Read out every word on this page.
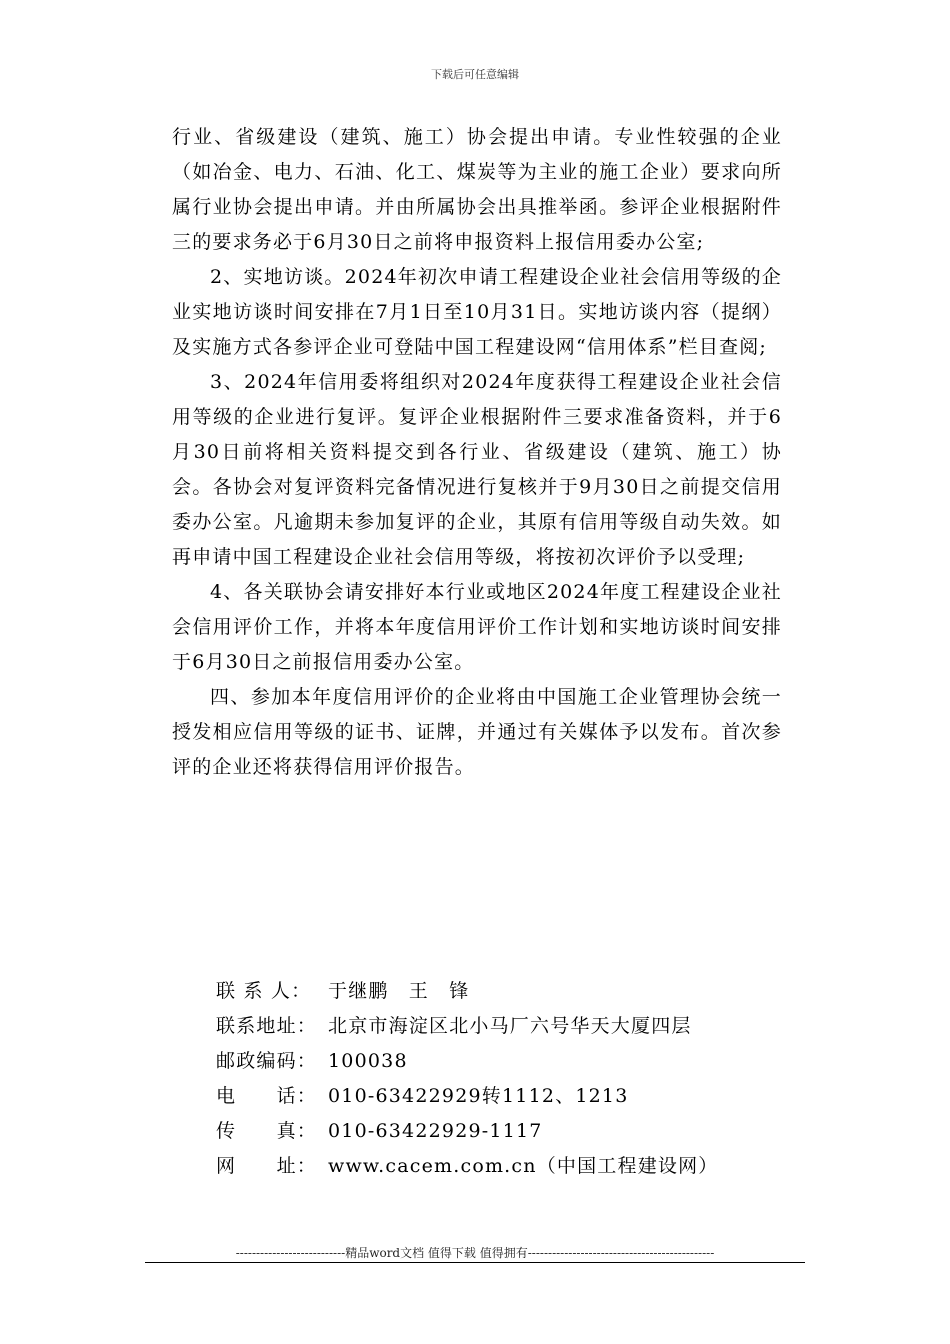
下载后可任意编辑

行业、省级建设（建筑、施工）协会提出申请。专业性较强的企业（如冶金、电力、石油、化工、煤炭等为主业的施工企业）要求向所属行业协会提出申请。并由所属协会出具推举函。参评企业根据附件三的要求务必于6月30日之前将申报资料上报信用委办公室;

2、实地访谈。2024年初次申请工程建设企业社会信用等级的企业实地访谈时间安排在7月1日至10月31日。实地访谈内容（提纲）及实施方式各参评企业可登陆中国工程建设网“信用体系”栏目查阅;

3、2024年信用委将组织对2024年度获得工程建设企业社会信用等级的企业进行复评。复评企业根据附件三要求准备资料，并于6月30日前将相关资料提交到各行业、省级建设（建筑、施工）协会。各协会对复评资料完备情况进行复核并于9月30日之前提交信用委办公室。凡逾期未参加复评的企业，其原有信用等级自动失效。如再申请中国工程建设企业社会信用等级，将按初次评价予以受理;

4、各关联协会请安排好本行业或地区2024年度工程建设企业社会信用评价工作，并将本年度信用评价工作计划和实地访谈时间安排于6月30日之前报信用委办公室。

四、参加本年度信用评价的企业将由中国施工企业管理协会统一授发相应信用等级的证书、证牌，并通过有关媒体予以发布。首次参评的企业还将获得信用评价报告。

联 系 人： 于继鹏　王　锋
联系地址： 北京市海淀区北小马厂六号华天大厦四层
邮政编码： 100038
电　　话： 010-63422929转1112、1213
传　　真： 010-63422929-1117
网　　址： www.cacem.com.cn（中国工程建设网）
---------------------------精品word文档 值得下载 值得拥有----------------------------------------------
